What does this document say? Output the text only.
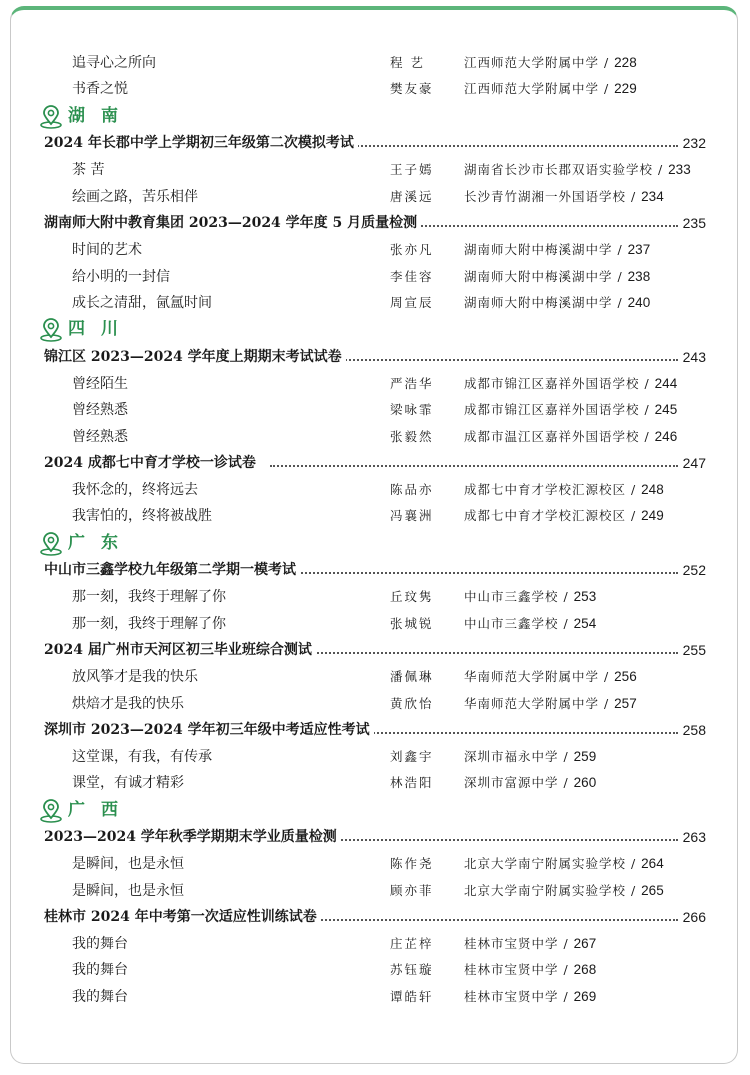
追寻心之所向	程 艺	江西师范大学附属中学 / 228
书香之悦	樊友豪 江西师范大学附属中学 / 229
湖南
2024 年长郡中学上学期初三年级第二次模拟考试	232
茶 苦	王子嫣 湖南省长沙市长郡双语实验学校 / 233
绘画之路，苦乐相伴	唐溪远 长沙青竹湖湘一外国语学校 / 234
湖南师大附中教育集团 2023—2024 学年度 5 月质量检测	235
时间的艺术	张亦凡 湖南师大附中梅溪湖中学 / 237
给小明的一封信	李佳容 湖南师大附中梅溪湖中学 / 238
成长之清甜，氤氲时间	周宣辰 湖南师大附中梅溪湖中学 / 240
四川
锦江区 2023—2024 学年度上期期末考试试卷	243
曾经陌生	严浩华 成都市锦江区嘉祥外国语学校 / 244
曾经熟悉	梁咏霏 成都市锦江区嘉祥外国语学校 / 245
曾经熟悉	张毅然 成都市温江区嘉祥外国语学校 / 246
2024 成都七中育才学校一诊试卷	247
我怀念的，终将远去	陈品亦 成都七中育才学校汇源校区 / 248
我害怕的，终将被战胜	冯襄洲 成都七中育才学校汇源校区 / 249
广东
中山市三鑫学校九年级第二学期一模考试	252
那一刻，我终于理解了你	丘玟隽 中山市三鑫学校 / 253
那一刻，我终于理解了你	张城锐 中山市三鑫学校 / 254
2024 届广州市天河区初三毕业班综合测试	255
放风筝才是我的快乐	潘佩琳 华南师范大学附属中学 / 256
烘焙才是我的快乐	黄欣怡 华南师范大学附属中学 / 257
深圳市 2023—2024 学年初三年级中考适应性考试	258
这堂课，有我，有传承	刘鑫宇 深圳市福永中学 / 259
课堂，有诚才精彩	林浩阳 深圳市富源中学 / 260
广西
2023—2024 学年秋季学期期末学业质量检测	263
是瞬间，也是永恒	陈作尧 北京大学南宁附属实验学校 / 264
是瞬间，也是永恒	顾亦菲 北京大学南宁附属实验学校 / 265
桂林市 2024 年中考第一次适应性训练试卷	266
我的舞台	庄芷梓 桂林市宝贤中学 / 267
我的舞台	苏钰璇 桂林市宝贤中学 / 268
我的舞台	谭皓轩 桂林市宝贤中学 / 269
